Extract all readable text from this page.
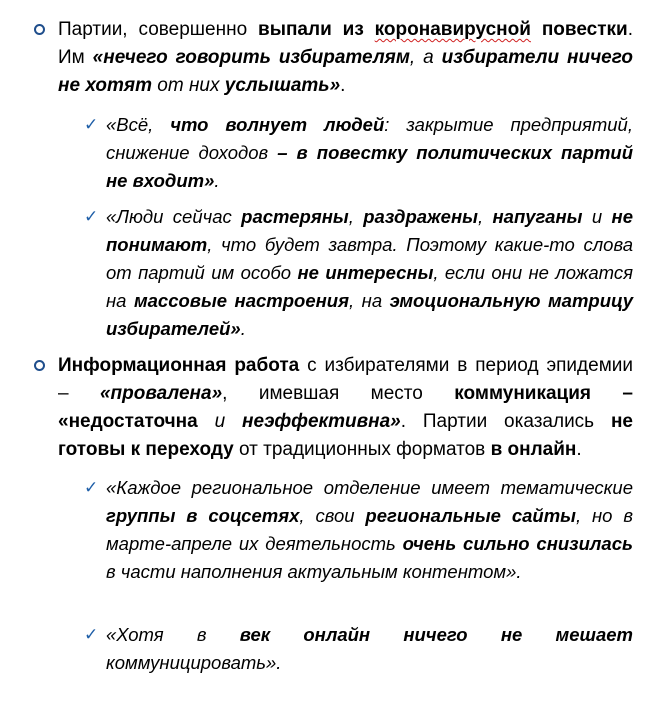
Партии, совершенно выпали из коронавирусной повестки. Им «нечего говорить избирателям, а избиратели ничего не хотят от них услышать».
✓ «Всё, что волнует людей: закрытие предприятий, снижение доходов – в повестку политических партий не входит».
✓ «Люди сейчас растеряны, раздражены, напуганы и не понимают, что будет завтра. Поэтому какие-то слова от партий им особо не интересны, если они не ложатся на массовые настроения, на эмоциональную матрицу избирателей».
Информационная работа с избирателями в период эпидемии – «провалена», имевшая место коммуникация – «недостаточна и неэффективна». Партии оказались не готовы к переходу от традиционных форматов в онлайн.
✓ «Каждое региональное отделение имеет тематические группы в соцсетях, свои региональные сайты, но в марте-апреле их деятельность очень сильно снизилась в части наполнения актуальным контентом».
✓ «Хотя в век онлайн ничего не мешает коммуницировать».
